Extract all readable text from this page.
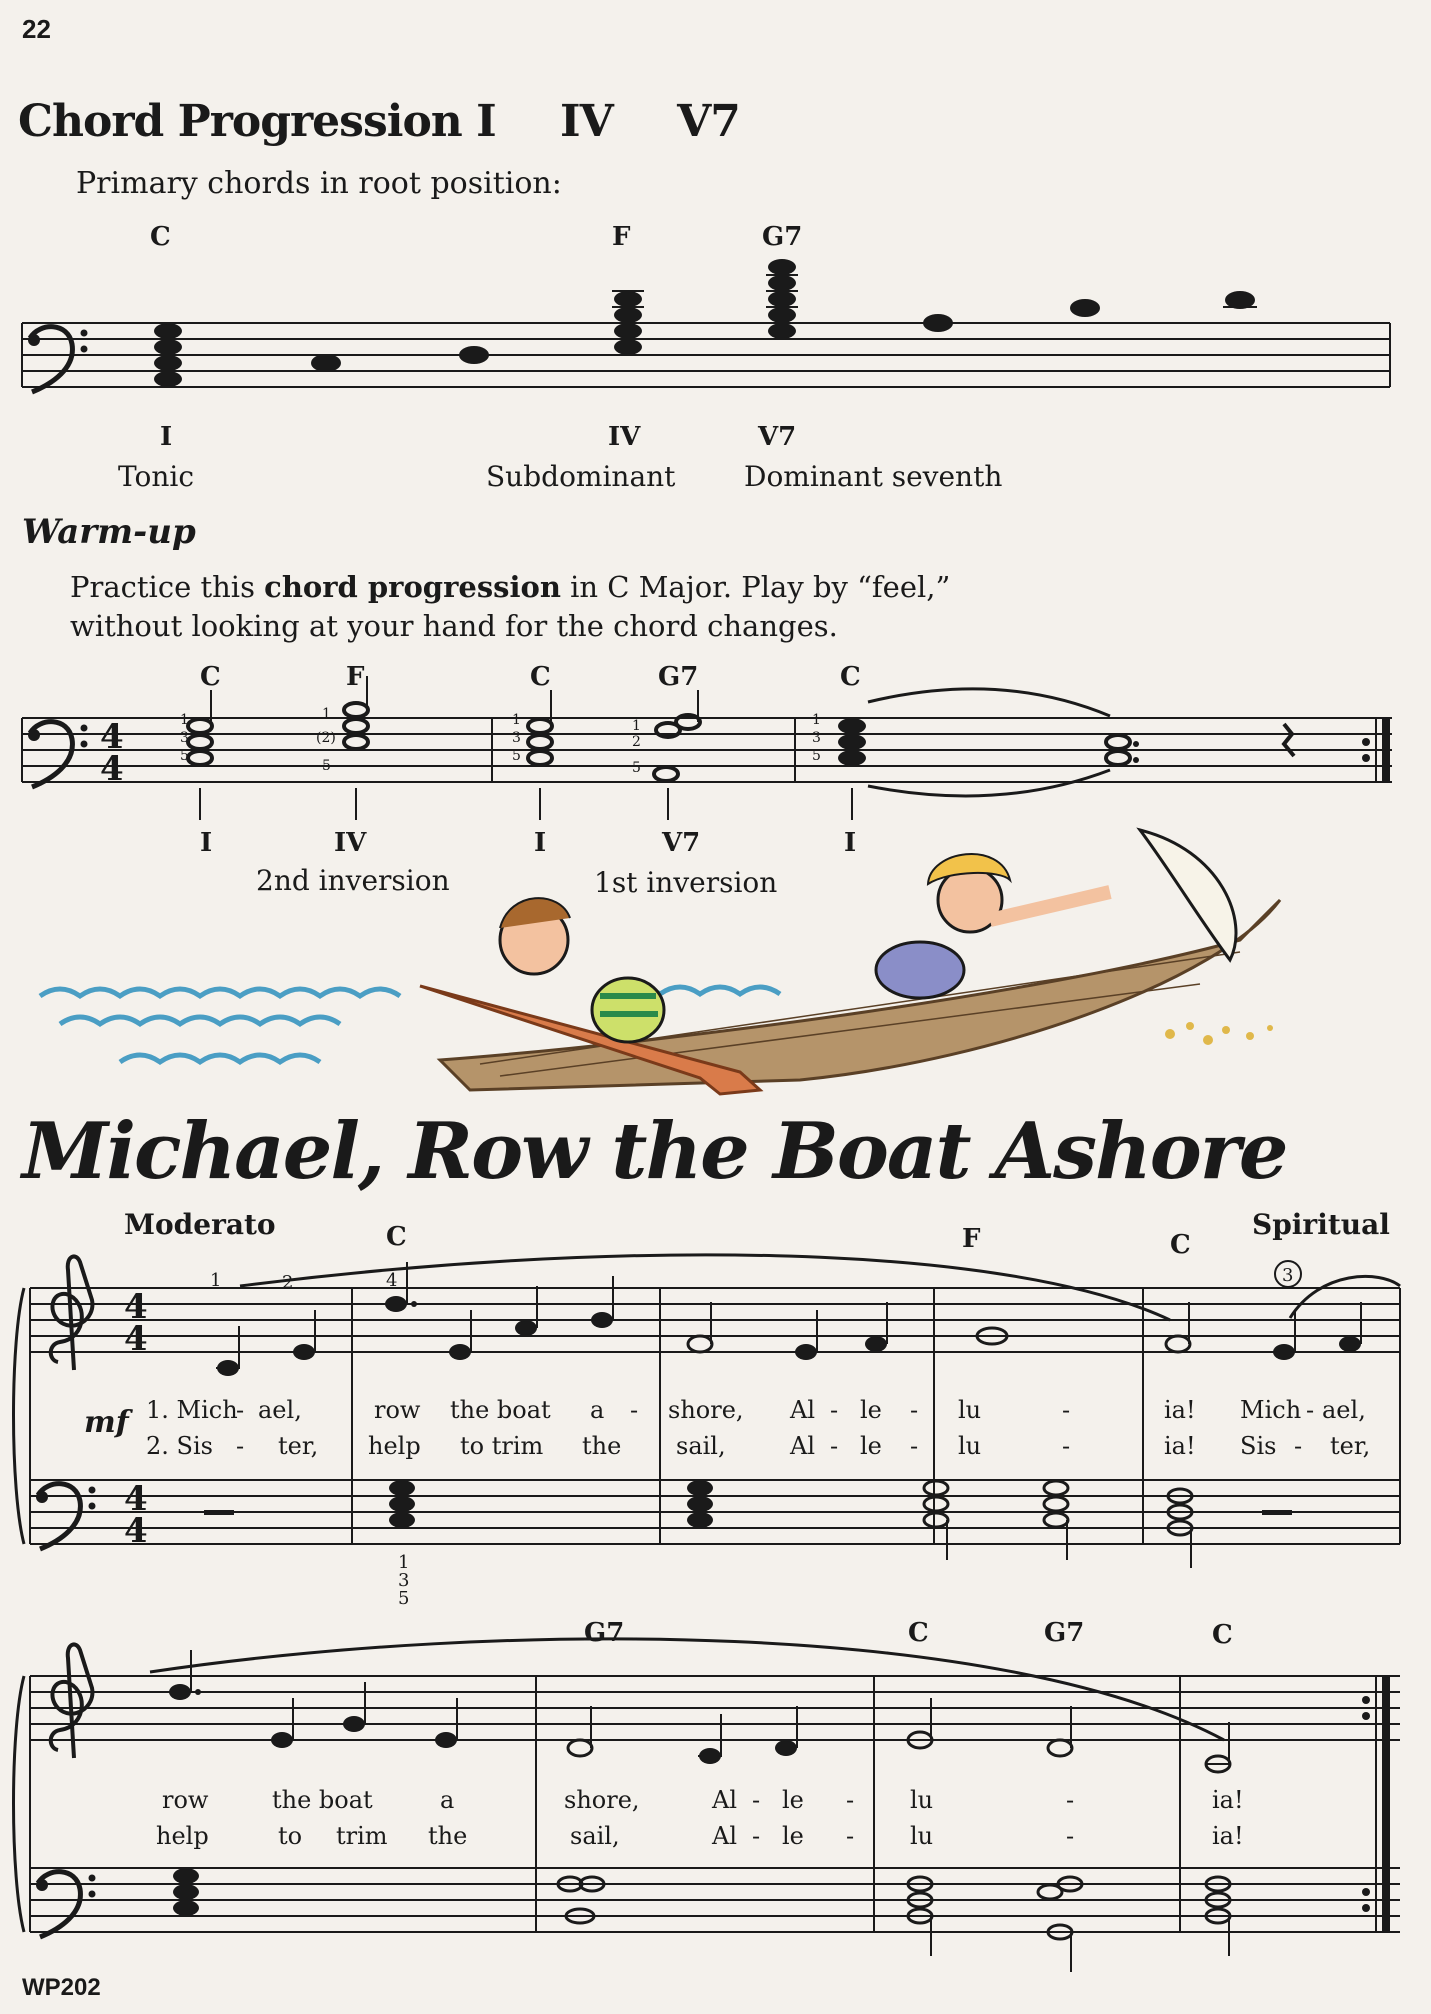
22
Chord Progression I IV V7
Primary chords in root position:
C	F	G7
I	IV	V7
Tonic	Subdominant Dominant seventh
Warm-up
Practice this chord progression in C Major. Play by “feel,”
without looking at your hand for the chord changes.
C	F	C	G7	C
4
4
1
3
5
1
(2)
5
1
3
5
1
2
5
1
3
5
I	IV	I	V7	I
2nd inversion	1st inversion
Michael, Row the Boat Ashore
Moderato	Spiritual
C	F	C
4
4
4
4
1	2	4	3
1
3
5
mf 1. Mich
- ael,	row the boat a - shore, Al - le - lu	-	ia! Mich - ael,
2. Sis - ter, help to trim the sail,	Al - le - lu	-	ia! Sis - ter,
G7	C	G7	C
row	the boat	a	shore,	Al - le - lu	-	ia!
help	to trim the	sail,	Al - le - lu	-	ia!
WP202
